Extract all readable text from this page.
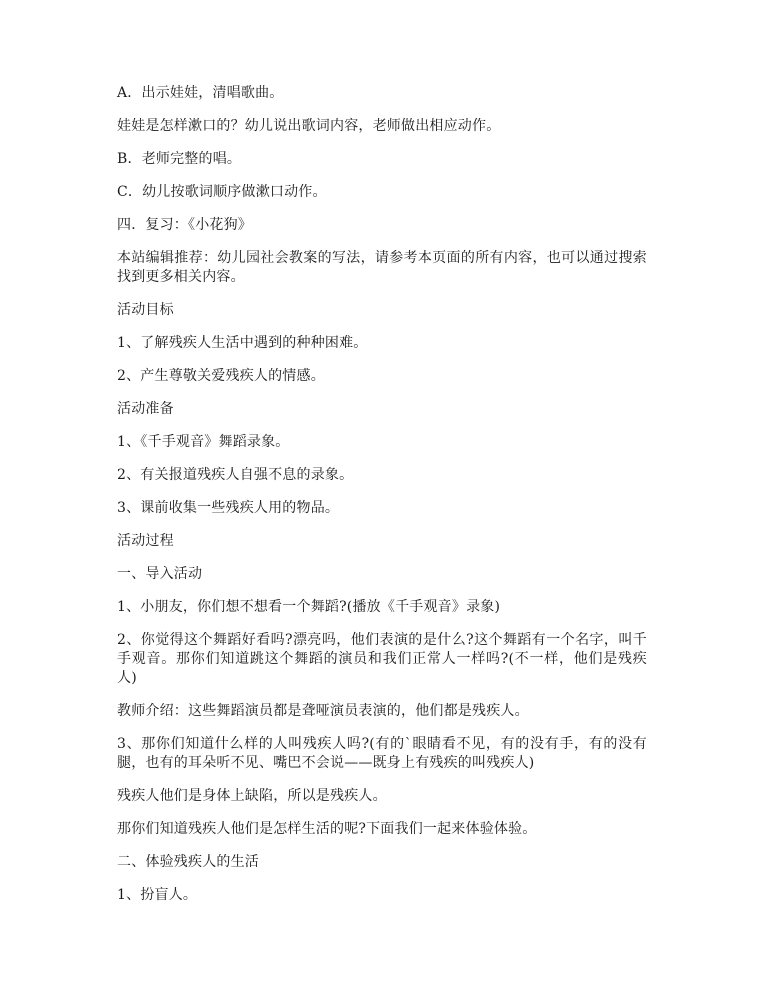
A．出示娃娃，清唱歌曲。

娃娃是怎样漱口的？幼儿说出歌词内容，老师做出相应动作。

B．老师完整的唱。

C．幼儿按歌词顺序做漱口动作。

四．复习：《小花狗》

本站编辑推荐：幼儿园社会教案的写法，请参考本页面的所有内容，也可以通过搜索找到更多相关内容。

活动目标

1、了解残疾人生活中遇到的种种困难。

2、产生尊敬关爱残疾人的情感。

活动准备

1、《千手观音》舞蹈录象。

2、有关报道残疾人自强不息的录象。

3、课前收集一些残疾人用的物品。

活动过程

一、导入活动

1、小朋友，你们想不想看一个舞蹈?(播放《千手观音》录象)

2、你觉得这个舞蹈好看吗?漂亮吗，他们表演的是什么?这个舞蹈有一个名字，叫千手观音。那你们知道跳这个舞蹈的演员和我们正常人一样吗?(不一样，他们是残疾人)

教师介绍：这些舞蹈演员都是聋哑演员表演的，他们都是残疾人。

3、那你们知道什么样的人叫残疾人吗?(有的`眼睛看不见，有的没有手，有的没有腿，也有的耳朵听不见、嘴巴不会说——既身上有残疾的叫残疾人)

残疾人他们是身体上缺陷，所以是残疾人。

那你们知道残疾人他们是怎样生活的呢?下面我们一起来体验体验。

二、体验残疾人的生活

1、扮盲人。
